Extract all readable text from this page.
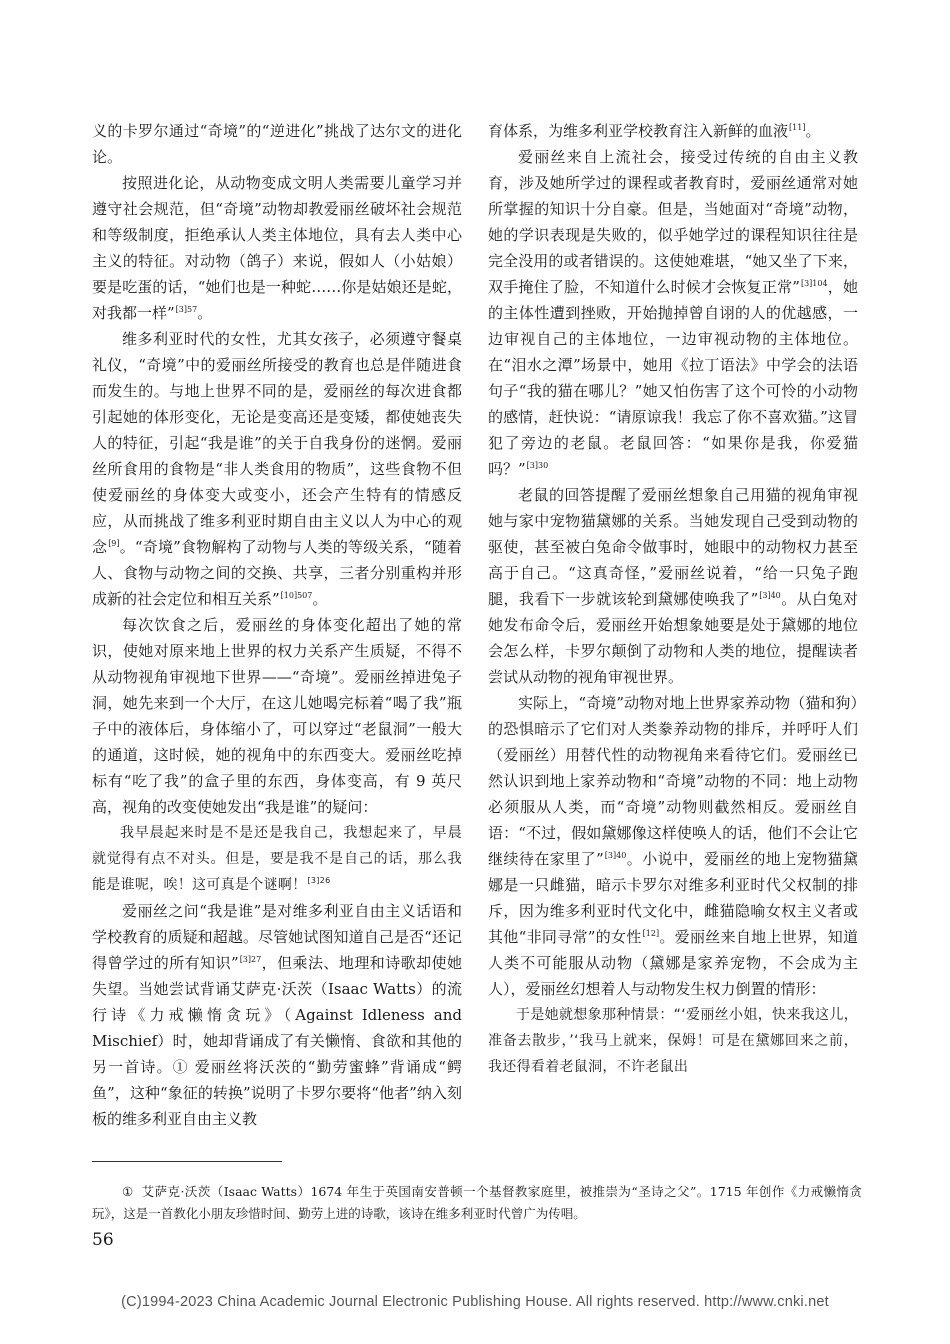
义的卡罗尔通过“奇境”的“逆进化”挑战了达尔文的进化论。

按照进化论，从动物变成文明人类需要儿童学习并遵守社会规范，但“奇境”动物却教爱丽丝破坏社会规范和等级制度，拒绝承认人类主体地位，具有去人类中心主义的特征。对动物（鸽子）来说，假如人（小姑娘）要是吃蛋的话，“她们也是一种蛇……你是姑娘还是蛇，对我都一样”$^{[3]57}$。

维多利亚时代的女性，尤其女孩子，必须遵守餐桌礼仪，“奇境”中的爱丽丝所接受的教育也总是伴随进食而发生的。与地上世界不同的是，爱丽丝的每次进食都引起她的体形变化，无论是变高还是变矮，都使她丧失人的特征，引起“我是谁”的关于自我身份的迷惘。爱丽丝所食用的食物是“非人类食用的物质”，这些食物不但使爱丽丝的身体变大或变小，还会产生特有的情感反应，从而挑战了维多利亚时期自由主义以人为中心的观念[9]。“奇境”食物解构了动物与人类的等级关系，“随着人、食物与动物之间的交换、共享，三者分别重构并形成新的社会定位和相互关系”$^{[10]507}$。

每次饮食之后，爱丽丝的身体变化超出了她的常识，使她对原来地上世界的权力关系产生质疑，不得不从动物视角审视地下世界——“奇境”。爱丽丝掉进兔子洞，她先来到一个大厅，在这儿她喝完标着“喝了我”瓶子中的液体后，身体缩小了，可以穿过“老鼠洞”一般大的通道，这时候，她的视角中的东西变大。爱丽丝吃掉标有“吃了我”的盒子里的东西，身体变高，有 9 英尺高，视角的改变使她发出“我是谁”的疑问：

我早晨起来时是不是还是我自己，我想起来了，早晨就觉得有点不对头。但是，要是我不是自己的话，那么我能是谁呢，唉！这可真是个谜啊！$^{[3]26}$

爱丽丝之问“我是谁”是对维多利亚自由主义话语和学校教育的质疑和超越。尽管她试图知道自己是否“还记得曾学过的所有知识”$^{[3]27}$，但乘法、地理和诗歌却使她失望。当她尝试背诵艾萨克·沃茨（Isaac Watts）的流行诗《力戒懒惰贪玩》（Against Idleness and Mischief）时，她却背诵成了有关懒惰、食欲和其他的另一首诗。① 爱丽丝将沃茨的“勤劳蜜蜂”背诵成“鳄鱼”，这种“象征的转换”说明了卡罗尔要将“他者”纳入刻板的维多利亚自由主义教

育体系，为维多利亚学校教育注入新鲜的血液[11]。

爱丽丝来自上流社会，接受过传统的自由主义教育，涉及她所学过的课程或者教育时，爱丽丝通常对她所掌握的知识十分自豪。但是，当她面对“奇境”动物，她的学识表现是失败的，似乎她学过的课程知识往往是完全没用的或者错误的。这使她难堪，“她又坐了下来，双手掩住了脸，不知道什么时候才会恢复正常”$^{[3]104}$，她的主体性遭到挫败，开始抛掉曾自诩的人的优越感，一边审视自己的主体地位，一边审视动物的主体地位。在“泪水之潭”场景中，她用《拉丁语法》中学会的法语句子“我的猫在哪儿？”她又怕伤害了这个可怜的小动物的感情，赶快说：“请原谅我！我忘了你不喜欢猫。”这冒犯了旁边的老鼠。老鼠回答：“如果你是我，你爱猫吗？”$^{[3]30}$

老鼠的回答提醒了爱丽丝想象自己用猫的视角审视她与家中宠物猫黛娜的关系。当她发现自己受到动物的驱使，甚至被白兔命令做事时，她眼中的动物权力甚至高于自己。“这真奇怪，”爱丽丝说着，“给一只兔子跑腿，我看下一步就该轮到黛娜使唤我了”$^{[3]40}$。从白兔对她发布命令后，爱丽丝开始想象她要是处于黛娜的地位会怎么样，卡罗尔颠倒了动物和人类的地位，提醒读者尝试从动物的视角审视世界。

实际上，“奇境”动物对地上世界家养动物（猫和狗）的恐惧暗示了它们对人类豢养动物的排斥，并呼吁人们（爱丽丝）用替代性的动物视角来看待它们。爱丽丝已然认识到地上家养动物和“奇境”动物的不同：地上动物必须服从人类，而“奇境”动物则截然相反。爱丽丝自语：“不过，假如黛娜像这样使唤人的话，他们不会让它继续待在家里了”$^{[3]40}$。小说中，爱丽丝的地上宠物猫黛娜是一只雌猫，暗示卡罗尔对维多利亚时代父权制的排斥，因为维多利亚时代文化中，雌猫隐喻女权主义者或其他“非同寻常”的女性[12]。爱丽丝来自地上世界，知道人类不可能服从动物（黛娜是家养宠物，不会成为主人），爱丽丝幻想着人与动物发生权力倒置的情形：

于是她就想象那种情景：“‘爱丽丝小姐，快来我这儿，准备去散步，’‘我马上就来，保姆！可是在黛娜回来之前，我还得看着老鼠洞，不许老鼠出

① 艾萨克·沃茨（Isaac Watts）1674 年生于英国南安普顿一个基督教家庭里，被推崇为“圣诗之父”。1715 年创作《力戒懒惰贪玩》，这是一首教化小朋友珍惜时间、勤劳上进的诗歌，该诗在维多利亚时代曾广为传唱。
56
(C)1994-2023 China Academic Journal Electronic Publishing House. All rights reserved. http://www.cnki.net
